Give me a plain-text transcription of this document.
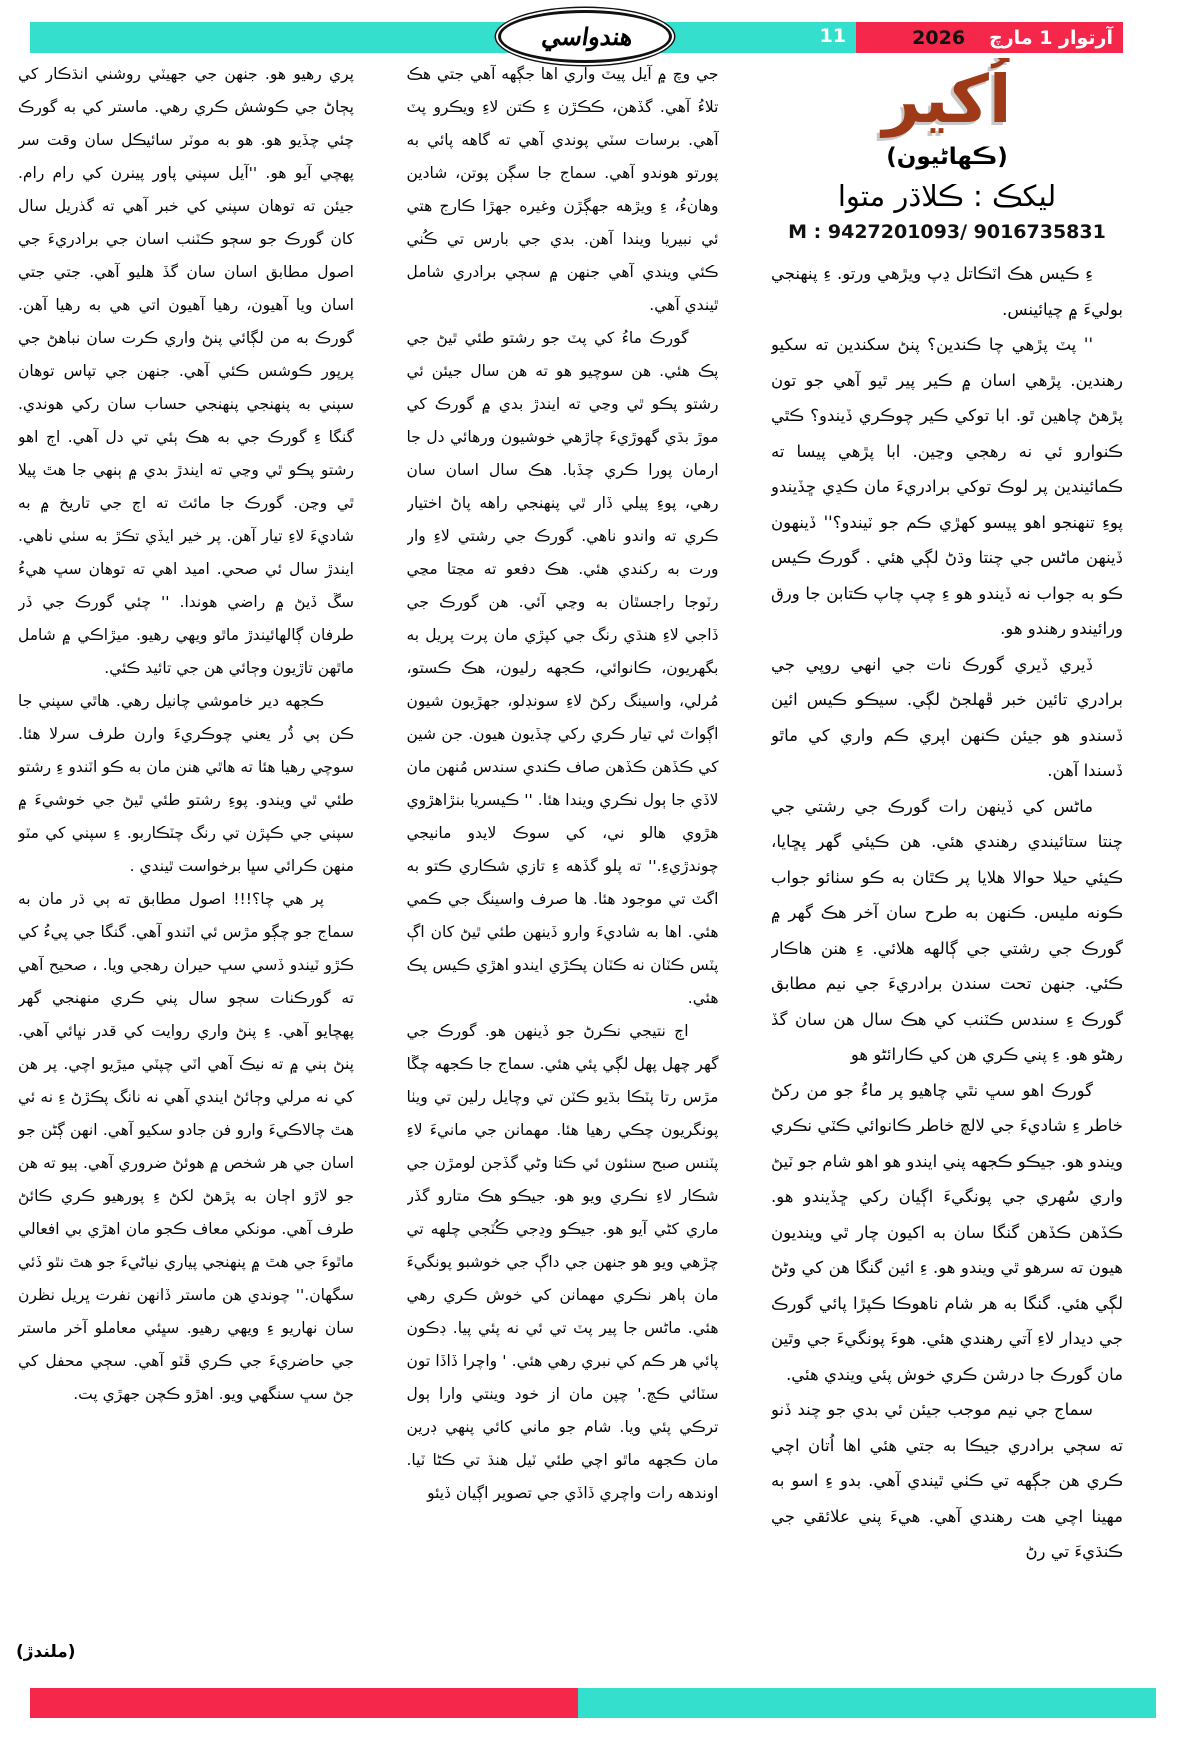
11	آرتوار 1 مارچ
2026
هندواسي
اُکير
(ڪهاڻيون)
ليکڪ : ڪلاڌر متوا
M : 9427201093/ 9016735831

ءِ ڪيس هڪ اٽڪاتل ڍپ ويڙهي ورتو. ءِ پنهنجي بوليءَ ۾ چيائينس.

'' پٽ پڙهي چا ڪندين؟ پنڻ سکندين ته سکيو رهندين. پڙهي اسان ۾ ڪير پير ٿيو آهي جو تون پڙهڻ چاهين ٿو. ابا توکي ڪير چوڪري ڏيندو؟ ڪٿي ڪنوارو ئي نه رهجي وڃين. ابا پڙهي پيسا ته ڪمائيندين پر لوڪ توکي برادريءَ مان ڪڍي ڇڏيندو پوءِ تنهنجو اهو پيسو کهڙي ڪم جو ٽيندو؟'' ڏينهون ڏينهن ماڻس جي چنتا وڌڻ لڳي هئي . گورڪ ڪيس ڪو به جواب نه ڏيندو هو ءِ چپ چاپ ڪتابن جا ورق ورائيندو رهندو هو.

ڏيري ڏيري گورڪ نات جي انهي روپي جي برادري تائين خبر ڦهلجڻ لڳي. سيڪو ڪيس ائين ڏسندو هو جيئن ڪنهن اپري ڪم واري کي ماٿو ڏسندا آهن.

ماڻس کي ڏينهن رات گورڪ جي رشتي جي چنتا ستائيندي رهندي هئي. هن ڪيئي گهر پڇايا، ڪيئي حيلا حوالا هلايا پر ڪٿان به ڪو سٺائو جواب ڪونه مليس. ڪنهن به طرح سان آخر هڪ گهر ۾ گورڪ جي رشتي جي ڳالهه هلائي. ءِ هنن هاڪار ڪئي. جنهن تحت سندن برادريءَ جي نيم مطابق گورڪ ءِ سندس ڪٽنب کي هڪ سال هن سان گڏ رهڻو هو. ءِ پني ڪري هن کي ڪارائڻو هو

گورڪ اهو سڀ نٿي چاهيو پر ماءُ جو من رکڻ خاطر ءِ شاديءَ جي لالچ خاطر ڪانوائي ڪٽي نڪري ويندو هو. جيڪو ڪجهه پني ايندو هو اهو شام جو ٽيڻ واري سُهري جي پونگيءَ اڳيان رکي ڇڏيندو هو. ڪڏهن ڪڏهن گنگا سان به اکيون چار ٿي وينديون هيون ته سرهو ٿي ويندو هو. ءِ ائين گنگا هن کي وڻڻ لڳي هئي. گنگا به هر شام ناهوڪا ڪپڙا پائي گورڪ جي ديدار لاءِ آتي رهندي هئي. هوءَ پونگيءَ جي وٿين مان گورڪ جا درشن ڪري خوش پئي ويندي هئي.

سماج جي نيم موجب جيئن ئي بدي جو چند ڏنو ته سڄي برادري جيڪا به جتي هئي اها اُتان اچي ڪري هن جڳهه تي ڪٺي ٿيندي آهي. بدو ءِ اسو به مهينا اچي هت رهندي آهي. هيءَ پني علائقي جي ڪنڌيءَ تي رڻ

جي وچ ۾ آيل پيٽ واري اها جڳهه آهي جتي هڪ تلاءُ آهي. گڏهن، ڪڪڙن ءِ ڪتن لاءِ ويڪرو پٽ آهي. برسات سٽي پوندي آهي ته گاهه پائي به پورتو هوندو آهي. سماج جا سڳن پوتن، شادين وهانءُ، ءِ ويڙهه جهڳڙن وغيره جهڙا ڪارج هتي ئي نبيريا ويندا آهن. بدي جي بارس تي ڪُني ڪئي ويندي آهي جنهن ۾ سڄي برادري شامل ٿيندي آهي.

گورڪ ماءُ کي پٽ جو رشتو طئي ٿيڻ جي پڪ هئي. هن سوچيو هو ته هن سال جيئن ئي رشتو پڪو ٿي وڃي ته ايندڙ بدي ۾ گورڪ کي موڙ بڌي گهوڙيءَ چاڙهي خوشيون ورهائي دل جا ارمان پورا ڪري چڏبا. هڪ سال اسان سان رهي، پوءِ پيلي ڏار ٿي پنهنجي راهه پاڻ اختيار ڪري ته واندو ناهي. گورڪ جي رشتي لاءِ وار ورت به رکندي هئي. هڪ دفعو ته مڃتا مڃي رٽوجا راجسٿان به وڃي آئي. هن گورڪ جي ڏاجي لاءِ هنڌي رنگ جي کپڙي مان پرت پريل به بگهريون، ڪانوائي، ڪجهه رليون، هڪ ڪستو، مُرلي، واسينگ رکڻ لاءِ سونڊلو، جهڙيون شيون اڳواٽ ئي تيار ڪري رکي چڏيون هيون. جن شين کي ڪڏهن ڪڏهن صاف ڪندي سندس مُنهن مان لاڏي جا ٻول نڪري ويندا هئا. '' ڪيسريا بنڙاهڙوي هڙوي هالو ني، کي سوڪ لايدو مانيجي چوندڙيءِ.'' ته پلو گڏهه ءِ تازي شڪاري ڪتو به اگٽ تي موجود هئا. ها صرف واسينگ جي ڪمي هئي. اها به شاديءَ وارو ڏينهن طئي ٿيڻ کان اڳ پٽس ڪٽان نه ڪٽان پڪڙي ايندو اهڙي ڪيس پڪ هئي.

اڄ نتيجي نڪرڻ جو ڏينهن هو. گورڪ جي گهر چهل پهل لڳي پئي هئي. سماج جا ڪجهه چڱا مڙس رتا پٽڪا بڌيو ڪٽن تي وچايل رلين تي ويٺا پونگريون چڪي رهيا هئا. مهمانن جي مانيءَ لاءِ پٽنس صبح سنئون ئي ڪتا وڻي گڏجن لومڙن جي شڪار لاءِ نڪري ويو هو. جيڪو هڪ متارو گڏر ماري کڻي آيو هو. جيڪو وڍجي ڪُٽجي چلهه تي چڙهي ويو هو جنهن جي داڳ جي خوشبو پونگيءَ مان ٻاهر نڪري مهمانن کي خوش ڪري رهي هئي. ماڻس جا پير پٽ تي ئي نه پئي پيا. ڊڪون پائي هر ڪم کي نبري رهي هئي. ' واچرا ڏاڏا تون سٽائي ڪڄ.' چپن مان از خود وينتي وارا ٻول ترڪي پئي ويا. شام جو ماني کائي پنهي ڊرين مان ڪجهه ماٿو اچي طئي ٽيل هنڌ تي ڪڻا ٽيا. اوندهه رات واچري ڏاڏي جي تصوير اڳيان ڏيئو

پري رهيو هو. جنهن جي جهيٽي روشني انڌڪار کي پڄاڻ جي ڪوشش ڪري رهي. ماستر کي به گورڪ چئي چڏيو هو. هو به موٽر سائيڪل سان وقت سر پهچي آيو هو. ''آيل سپني پاور پينرن کي رام رام. جيئن ته توهان سپني کي خبر آهي ته گذريل سال کان گورڪ جو سڄو ڪٽنب اسان جي برادريءَ جي اصول مطابق اسان سان گڏ هليو آهي. جتي جتي اسان ويا آهيون، رهيا آهيون اتي هي به رهيا آهن. گورڪ به من لڳائي پنڻ واري ڪرت سان نباهڻ جي پرپور ڪوشس ڪئي آهي. جنهن جي تپاس توهان سپني به پنهنجي پنهنجي حساب سان رکي هوندي. گنگا ءِ گورڪ جي به هڪ ٻئي تي دل آهي. اڄ اهو رشتو پڪو ٿي وڃي ته ايندڙ بدي ۾ ٻنهي جا هٿ پيلا ٿي وڃن. گورڪ جا مائٽ ته اڄ جي تاريخ ۾ به شاديءَ لاءِ تيار آهن. پر خير ايڏي تڪڙ به سٺي ناهي. ايندڙ سال ئي صحي. اميد اهي ته توهان سڀ هيءُ سڱ ڏيڻ ۾ راضي هوندا. '' چئي گورڪ جي ڏر طرفان ڳالهائيندڙ ماٿو ويهي رهيو. ميڙاڪي ۾ شامل ماٿهن تاڙيون وڄائي هن جي تائيد ڪئي.

ڪجهه دير خاموشي چانيل رهي. هاٿي سپني جا ڪن ٻي ڌُر يعني چوڪريءَ وارن طرف سرلا هئا. سوچي رهيا هئا ته هاٿي هنن مان به ڪو اٽندو ءِ رشتو طئي ٿي ويندو. پوءِ رشتو طئي ٿيڻ جي خوشيءَ ۾ سپني جي ڪپڙن تي رنگ چٽڪاربو. ءِ سپني کي مٽو منهن ڪرائي سڀا برخواست ٿيندي .

پر هي چا؟!!! اصول مطابق ته ٻي ڌر مان به سماج جو چڳو مڙس ئي اٽندو آهي. گنگا جي پيءُ کي ڪڙو ٽيندو ڏسي سڀ حيران رهجي ويا. ، صحيح آهي ته گورڪنات سڄو سال پني ڪري منهنجي گهر پهچايو آهي. ءِ پنڻ واري روايت کي قدر نڀائي آهي. پنڻ ٻني ۾ ته نيڪ آهي اٽي چپٽي ميڙيو اچي. پر هن کي نه مرلي وڄائڻ ايندي آهي نه نانگ پڪڙڻ ءِ نه ئي هٿ چالاڪيءَ وارو فن جادو سکيو آهي. انهن ڳڻن جو اسان جي هر شخص ۾ هوئڻ ضروري آهي. ٻيو ته هن جو لاڙو اڄان به پڙهڻ لکڻ ءِ پورهيو ڪري ڪائڻ طرف آهي. مونکي معاف ڪجو مان اهڙي بي افعالي ماٿوءَ جي هٿ ۾ پنهنجي پياري نياڻيءَ جو هٿ نٿو ڏئي سگهان.'' چوندي هن ماستر ڏانهن نفرت ڀريل نظرن سان نهاريو ءِ ويهي رهيو. سڀئي معاملو آخر ماستر جي حاضريءَ جي ڪري ڦٽو آهي. سڄي محفل کي جڻ سڀ سنگهي ويو. اهڙو ڪچن جهڙي پت.

(ملندڙ)
